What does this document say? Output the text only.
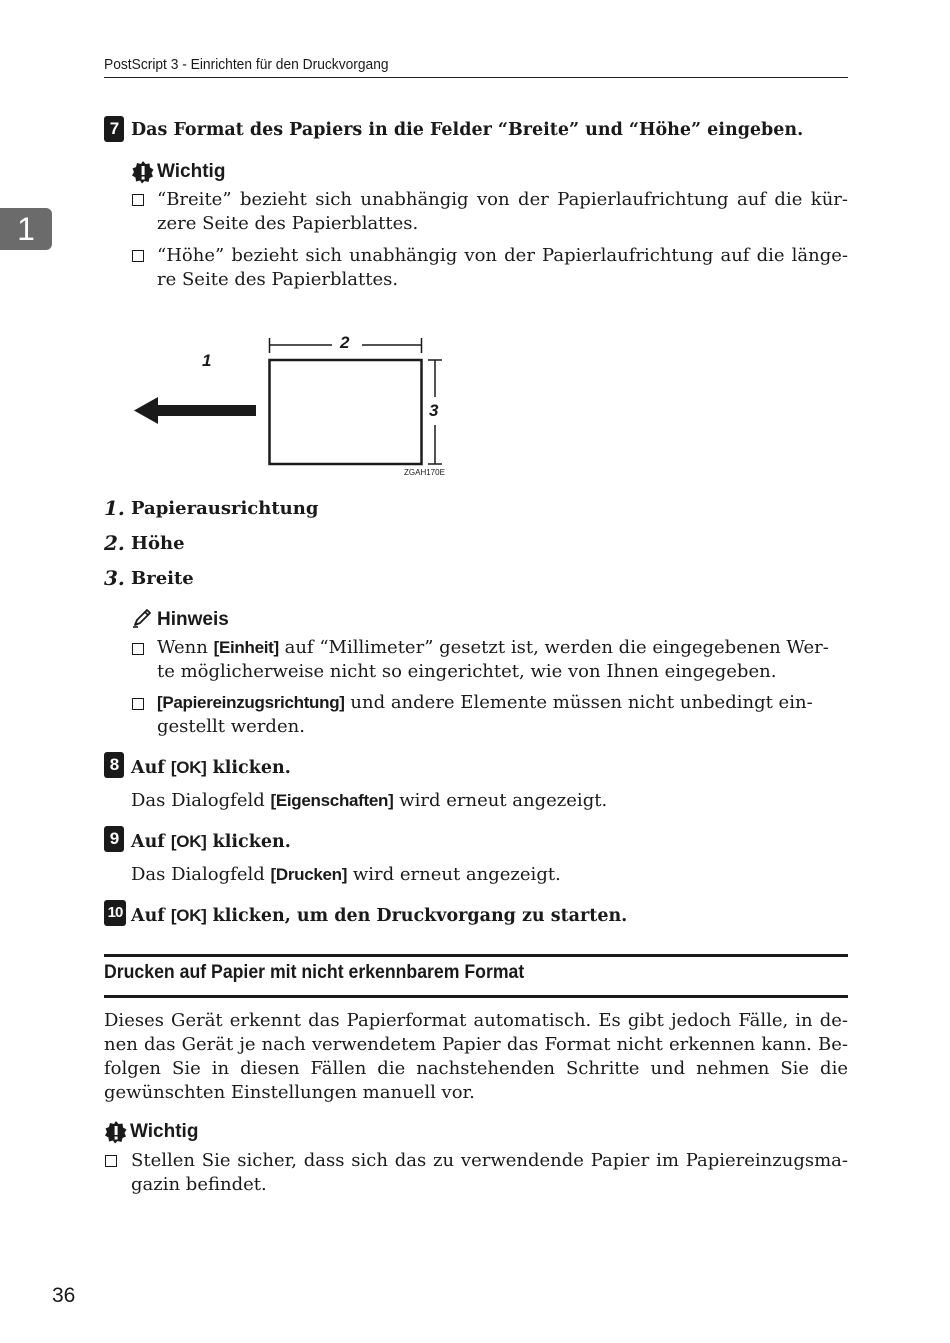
PostScript 3 - Einrichten für den Druckvorgang
1
7 Das Format des Papiers in die Felder “Breite” und “Höhe” eingeben.
Wichtig
“Breite” bezieht sich unabhängig von der Papierlaufrichtung auf die kür-
zere Seite des Papierblattes.
“Höhe” bezieht sich unabhängig von der Papierlaufrichtung auf die länge-
re Seite des Papierblattes.
1
2
3
ZGAH170E
1. Papierausrichtung
2. Höhe
3. Breite
Hinweis
Wenn [Einheit] auf “Millimeter” gesetzt ist, werden die eingegebenen Wer-
te möglicherweise nicht so eingerichtet, wie von Ihnen eingegeben.
[Papiereinzugsrichtung] und andere Elemente müssen nicht unbedingt ein-
gestellt werden.
8 Auf [OK] klicken.
Das Dialogfeld [Eigenschaften] wird erneut angezeigt.
9 Auf [OK] klicken.
Das Dialogfeld [Drucken] wird erneut angezeigt.
10 Auf [OK] klicken, um den Druckvorgang zu starten.
Drucken auf Papier mit nicht erkennbarem Format
Dieses Gerät erkennt das Papierformat automatisch. Es gibt jedoch Fälle, in de-
nen das Gerät je nach verwendetem Papier das Format nicht erkennen kann. Be-
folgen Sie in diesen Fällen die nachstehenden Schritte und nehmen Sie die
gewünschten Einstellungen manuell vor.
Wichtig
Stellen Sie sicher, dass sich das zu verwendende Papier im Papiereinzugsma-
gazin befindet.
36
